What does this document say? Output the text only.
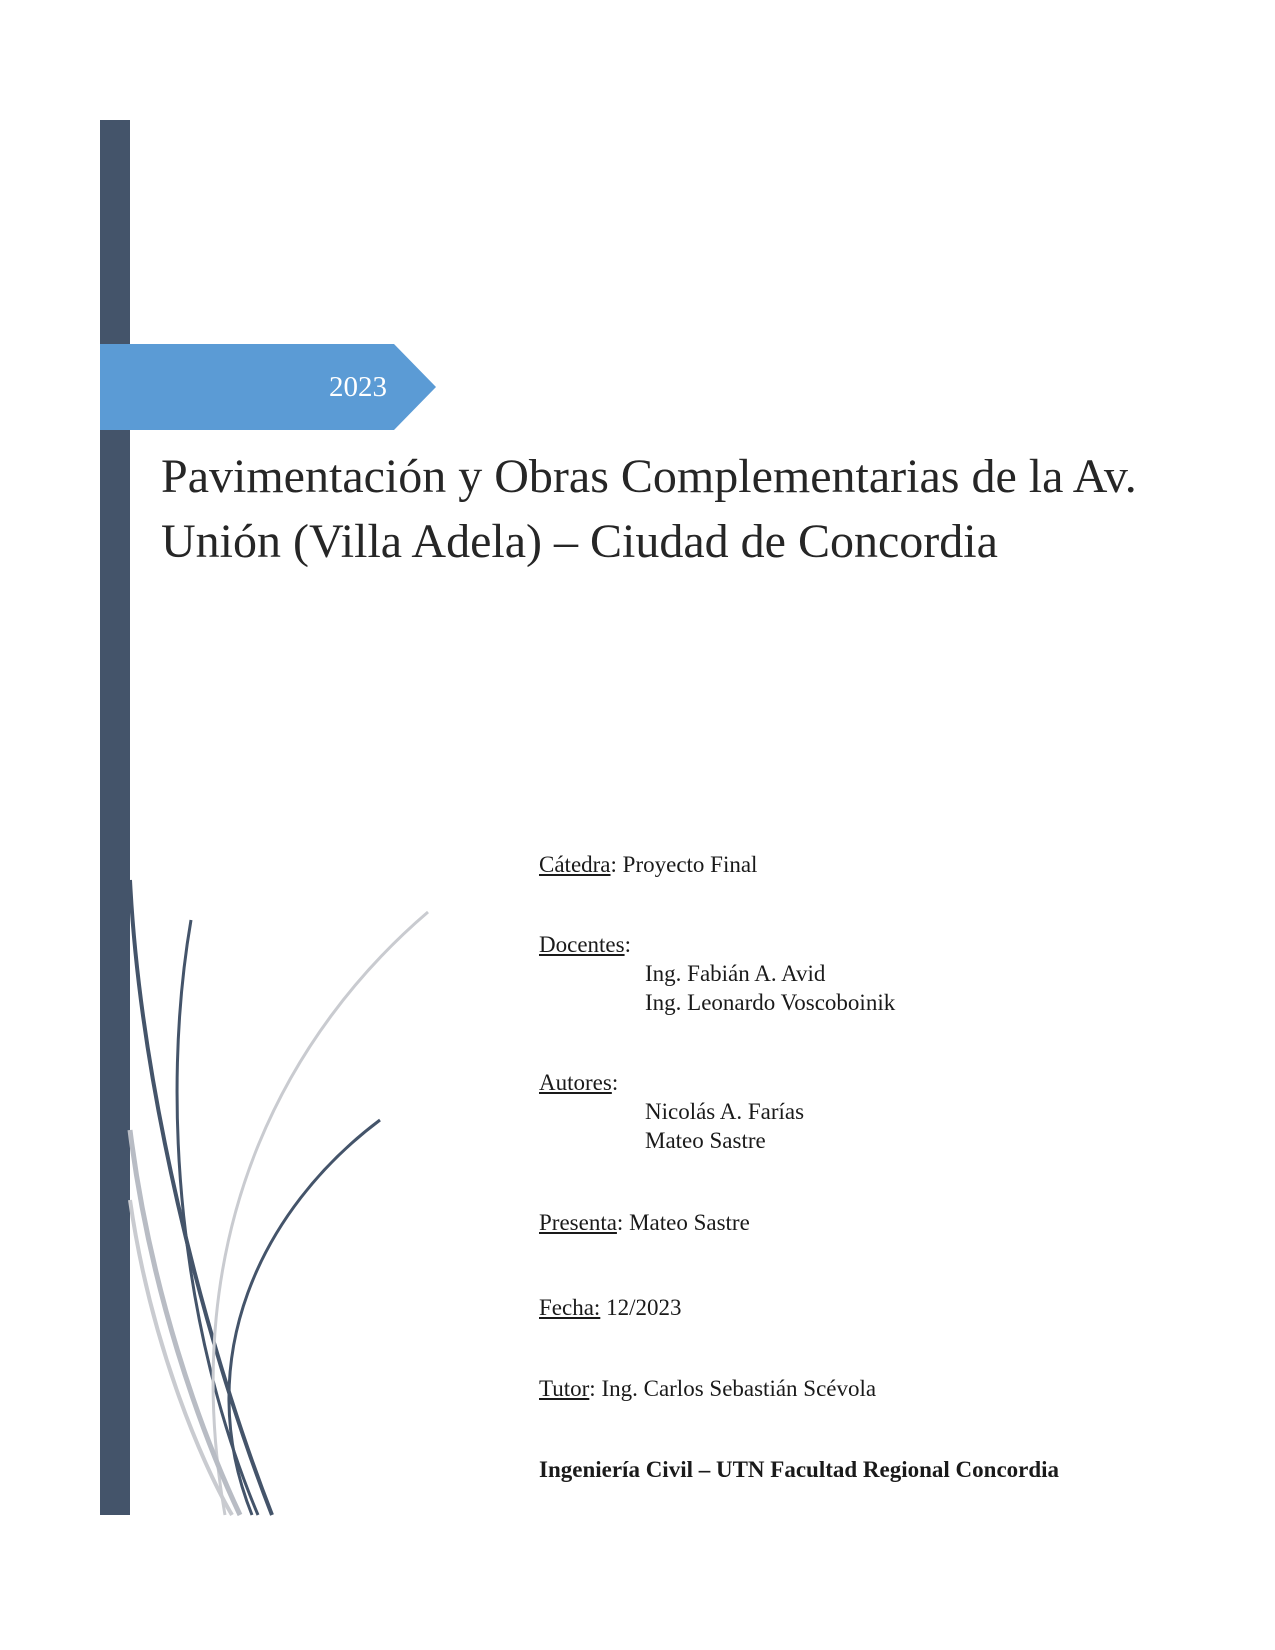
2023
Pavimentación y Obras Complementarias de la Av. Unión (Villa Adela) – Ciudad de Concordia
Cátedra: Proyecto Final
Docentes:
Ing. Fabián A. Avid
Ing. Leonardo Voscoboinik
Autores:
Nicolás A. Farías
Mateo Sastre
Presenta: Mateo Sastre
Fecha: 12/2023
Tutor: Ing. Carlos Sebastián Scévola
Ingeniería Civil – UTN Facultad Regional Concordia
